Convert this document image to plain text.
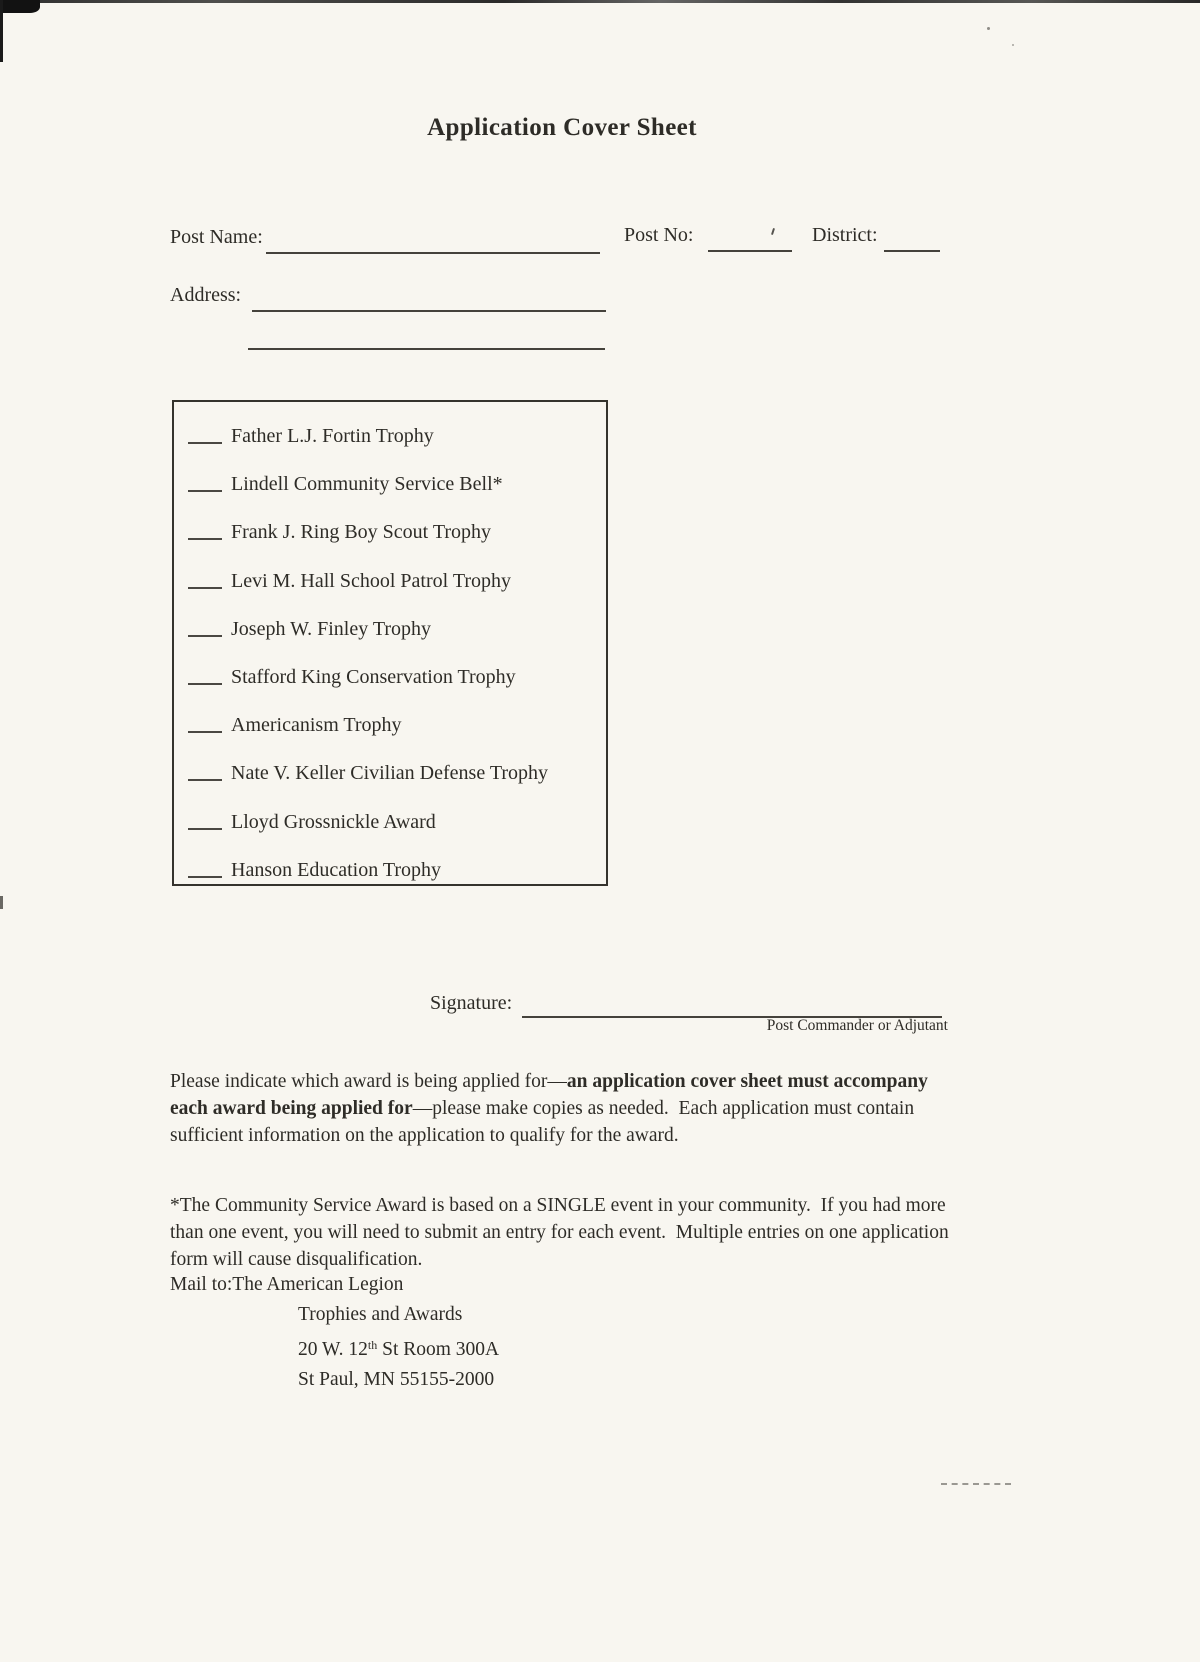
Application Cover Sheet
Post Name:	Post No:	District:
Address:
Father L.J. Fortin Trophy
Lindell Community Service Bell*
Frank J. Ring Boy Scout Trophy
Levi M. Hall School Patrol Trophy
Joseph W. Finley Trophy
Stafford King Conservation Trophy
Americanism Trophy
Nate V. Keller Civilian Defense Trophy
Lloyd Grossnickle Award
Hanson Education Trophy
Signature:
Post Commander or Adjutant

Please indicate which award is being applied for—an application cover sheet must accompany each award being applied for—please make copies as needed.  Each application must contain sufficient information on the application to qualify for the award.

*The Community Service Award is based on a SINGLE event in your community.  If you had more than one event, you will need to submit an entry for each event.  Multiple entries on one application form will cause disqualification.

Mail to:The American Legion
Trophies and Awards
20 W. 12th St Room 300A
St Paul, MN 55155-2000
